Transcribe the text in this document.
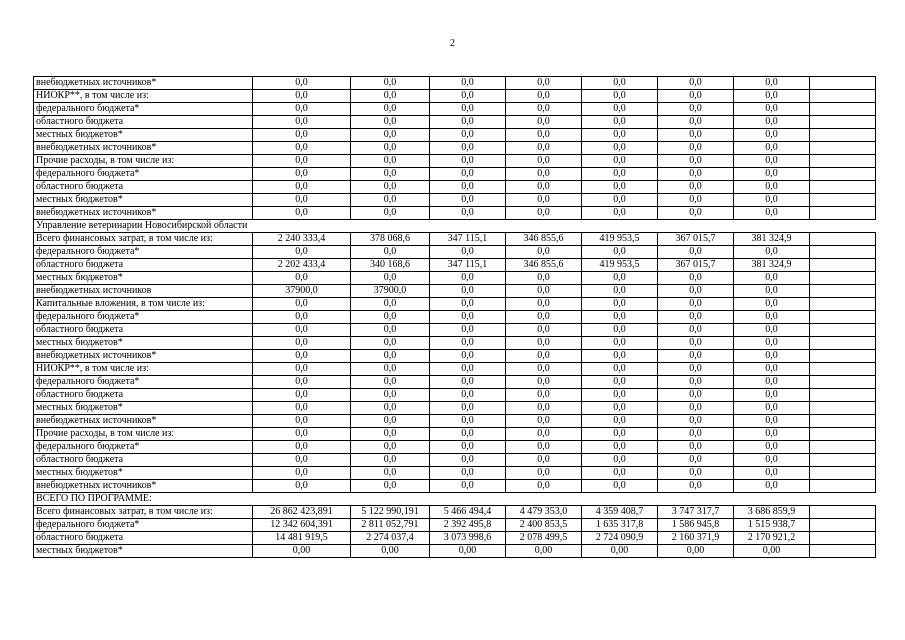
2
внебюджетных источников*	0,0	0,0	0,0	0,0	0,0	0,0	0,0	
НИОКР**, в том числе из:	0,0	0,0	0,0	0,0	0,0	0,0	0,0	
федерального бюджета*	0,0	0,0	0,0	0,0	0,0	0,0	0,0	
областного бюджета	0,0	0,0	0,0	0,0	0,0	0,0	0,0	
местных бюджетов*	0,0	0,0	0,0	0,0	0,0	0,0	0,0	
внебюджетных источников*	0,0	0,0	0,0	0,0	0,0	0,0	0,0	
Прочие расходы, в том числе из:	0,0	0,0	0,0	0,0	0,0	0,0	0,0	
федерального бюджета*	0,0	0,0	0,0	0,0	0,0	0,0	0,0	
областного бюджета	0,0	0,0	0,0	0,0	0,0	0,0	0,0	
местных бюджетов*	0,0	0,0	0,0	0,0	0,0	0,0	0,0	
внебюджетных источников*	0,0	0,0	0,0	0,0	0,0	0,0	0,0	
Управление ветеринарии Новосибирской области								
Всего финансовых затрат, в том числе из:	2 240 333,4	378 068,6	347 115,1	346 855,6	419 953,5	367 015,7	381 324,9	
федерального бюджета*	0,0	0,0	0,0	0,0	0,0	0,0	0,0	
областного бюджета	2 202 433,4	340 168,6	347 115,1	346 855,6	419 953,5	367 015,7	381 324,9	
местных бюджетов*	0,0	0,0	0,0	0,0	0,0	0,0	0,0	
внебюджетных источников	37900,0	37900,0	0,0	0,0	0,0	0,0	0,0	
Капитальные вложения, в том числе из:	0,0	0,0	0,0	0,0	0,0	0,0	0,0	
федерального бюджета*	0,0	0,0	0,0	0,0	0,0	0,0	0,0	
областного бюджета	0,0	0,0	0,0	0,0	0,0	0,0	0,0	
местных бюджетов*	0,0	0,0	0,0	0,0	0,0	0,0	0,0	
внебюджетных источников*	0,0	0,0	0,0	0,0	0,0	0,0	0,0	
НИОКР**, в том числе из:	0,0	0,0	0,0	0,0	0,0	0,0	0,0	
федерального бюджета*	0,0	0,0	0,0	0,0	0,0	0,0	0,0	
областного бюджета	0,0	0,0	0,0	0,0	0,0	0,0	0,0	
местных бюджетов*	0,0	0,0	0,0	0,0	0,0	0,0	0,0	
внебюджетных источников*	0,0	0,0	0,0	0,0	0,0	0,0	0,0	
Прочие расходы, в том числе из:	0,0	0,0	0,0	0,0	0,0	0,0	0,0	
федерального бюджета*	0,0	0,0	0,0	0,0	0,0	0,0	0,0	
областного бюджета	0,0	0,0	0,0	0,0	0,0	0,0	0,0	
местных бюджетов*	0,0	0,0	0,0	0,0	0,0	0,0	0,0	
внебюджетных источников*	0,0	0,0	0,0	0,0	0,0	0,0	0,0	
ВСЕГО ПО ПРОГРАММЕ:								
Всего финансовых затрат, в том числе из:	26 862 423,891	5 122 990,191	5 466 494,4	4 479 353,0	4 359 408,7	3 747 317,7	3 686 859,9	
федерального бюджета*	12 342 604,391	2 811 052,791	2 392 495,8	2 400 853,5	1 635 317,8	1 586 945,8	1 515 938,7	
областного бюджета	14 481 919,5	2 274 037,4	3 073 998,6	2 078 499,5	2 724 090,9	2 160 371,9	2 170 921,2	
местных бюджетов*	0,00	0,00	0,00	0,00	0,00	0,00	0,00	
